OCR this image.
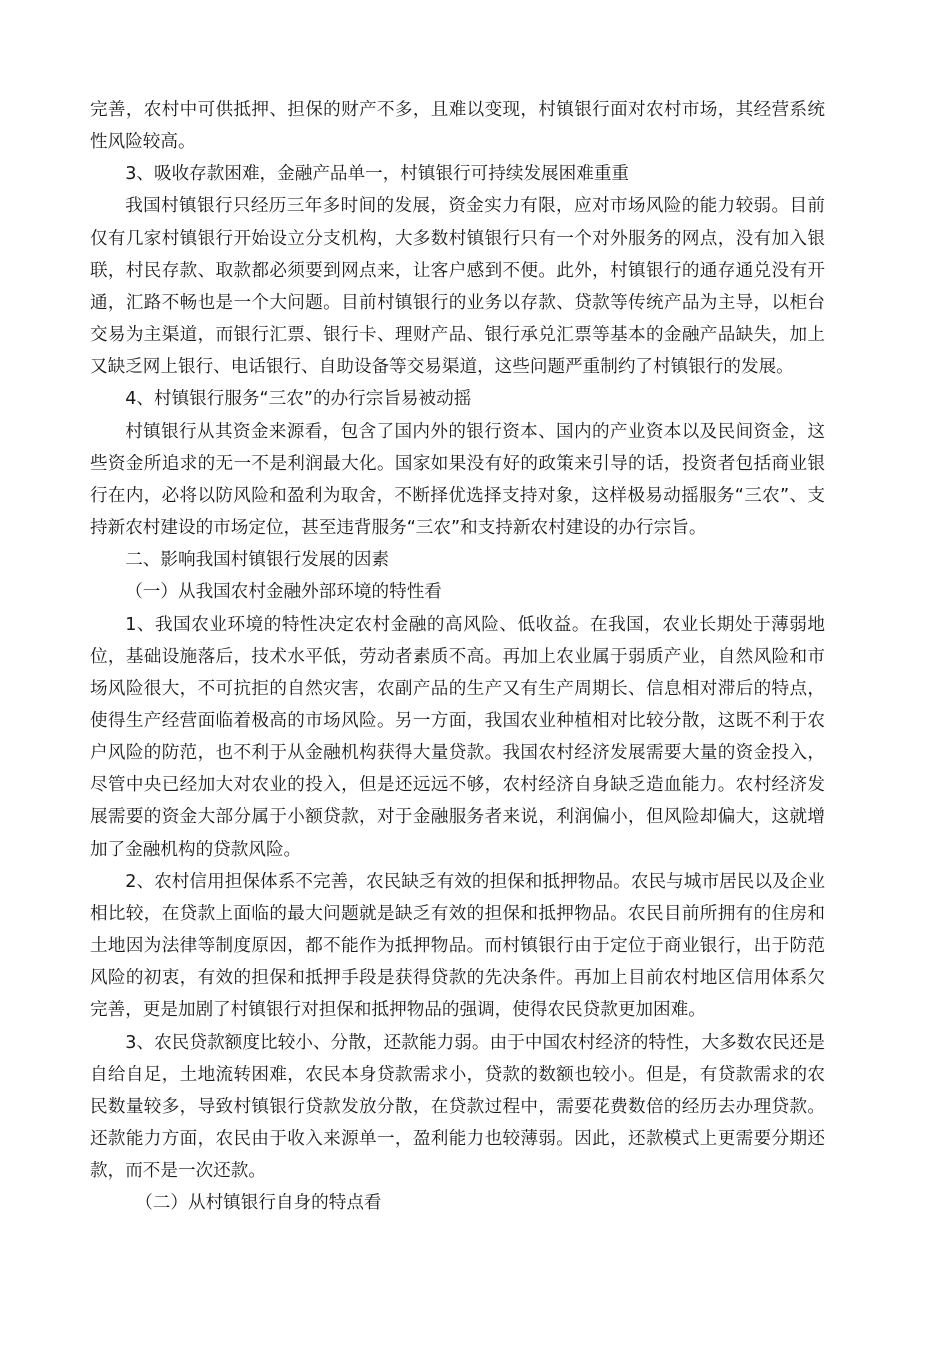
完善，农村中可供抵押、担保的财产不多，且难以变现，村镇银行面对农村市场，其经营系统性风险较高。

3、吸收存款困难，金融产品单一，村镇银行可持续发展困难重重

我国村镇银行只经历三年多时间的发展，资金实力有限，应对市场风险的能力较弱。目前仅有几家村镇银行开始设立分支机构，大多数村镇银行只有一个对外服务的网点，没有加入银联，村民存款、取款都必须要到网点来，让客户感到不便。此外，村镇银行的通存通兑没有开通，汇路不畅也是一个大问题。目前村镇银行的业务以存款、贷款等传统产品为主导，以柜台交易为主渠道，而银行汇票、银行卡、理财产品、银行承兑汇票等基本的金融产品缺失，加上又缺乏网上银行、电话银行、自助设备等交易渠道，这些问题严重制约了村镇银行的发展。

4、村镇银行服务“三农”的办行宗旨易被动摇

村镇银行从其资金来源看，包含了国内外的银行资本、国内的产业资本以及民间资金，这些资金所追求的无一不是利润最大化。国家如果没有好的政策来引导的话，投资者包括商业银行在内，必将以防风险和盈利为取舍，不断择优选择支持对象，这样极易动摇服务“三农”、支持新农村建设的市场定位，甚至违背服务“三农”和支持新农村建设的办行宗旨。

二、影响我国村镇银行发展的因素

（一）从我国农村金融外部环境的特性看

1、我国农业环境的特性决定农村金融的高风险、低收益。在我国，农业长期处于薄弱地位，基础设施落后，技术水平低，劳动者素质不高。再加上农业属于弱质产业，自然风险和市场风险很大，不可抗拒的自然灾害，农副产品的生产又有生产周期长、信息相对滞后的特点，使得生产经营面临着极高的市场风险。另一方面，我国农业种植相对比较分散，这既不利于农户风险的防范，也不利于从金融机构获得大量贷款。我国农村经济发展需要大量的资金投入，尽管中央已经加大对农业的投入，但是还远远不够，农村经济自身缺乏造血能力。农村经济发展需要的资金大部分属于小额贷款，对于金融服务者来说，利润偏小，但风险却偏大，这就增加了金融机构的贷款风险。

2、农村信用担保体系不完善，农民缺乏有效的担保和抵押物品。农民与城市居民以及企业相比较，在贷款上面临的最大问题就是缺乏有效的担保和抵押物品。农民目前所拥有的住房和土地因为法律等制度原因，都不能作为抵押物品。而村镇银行由于定位于商业银行，出于防范风险的初衷，有效的担保和抵押手段是获得贷款的先决条件。再加上目前农村地区信用体系欠完善，更是加剧了村镇银行对担保和抵押物品的强调，使得农民贷款更加困难。

3、农民贷款额度比较小、分散，还款能力弱。由于中国农村经济的特性，大多数农民还是自给自足，土地流转困难，农民本身贷款需求小，贷款的数额也较小。但是，有贷款需求的农民数量较多，导致村镇银行贷款发放分散，在贷款过程中，需要花费数倍的经历去办理贷款。还款能力方面，农民由于收入来源单一，盈利能力也较薄弱。因此，还款模式上更需要分期还款，而不是一次还款。

（二）从村镇银行自身的特点看
